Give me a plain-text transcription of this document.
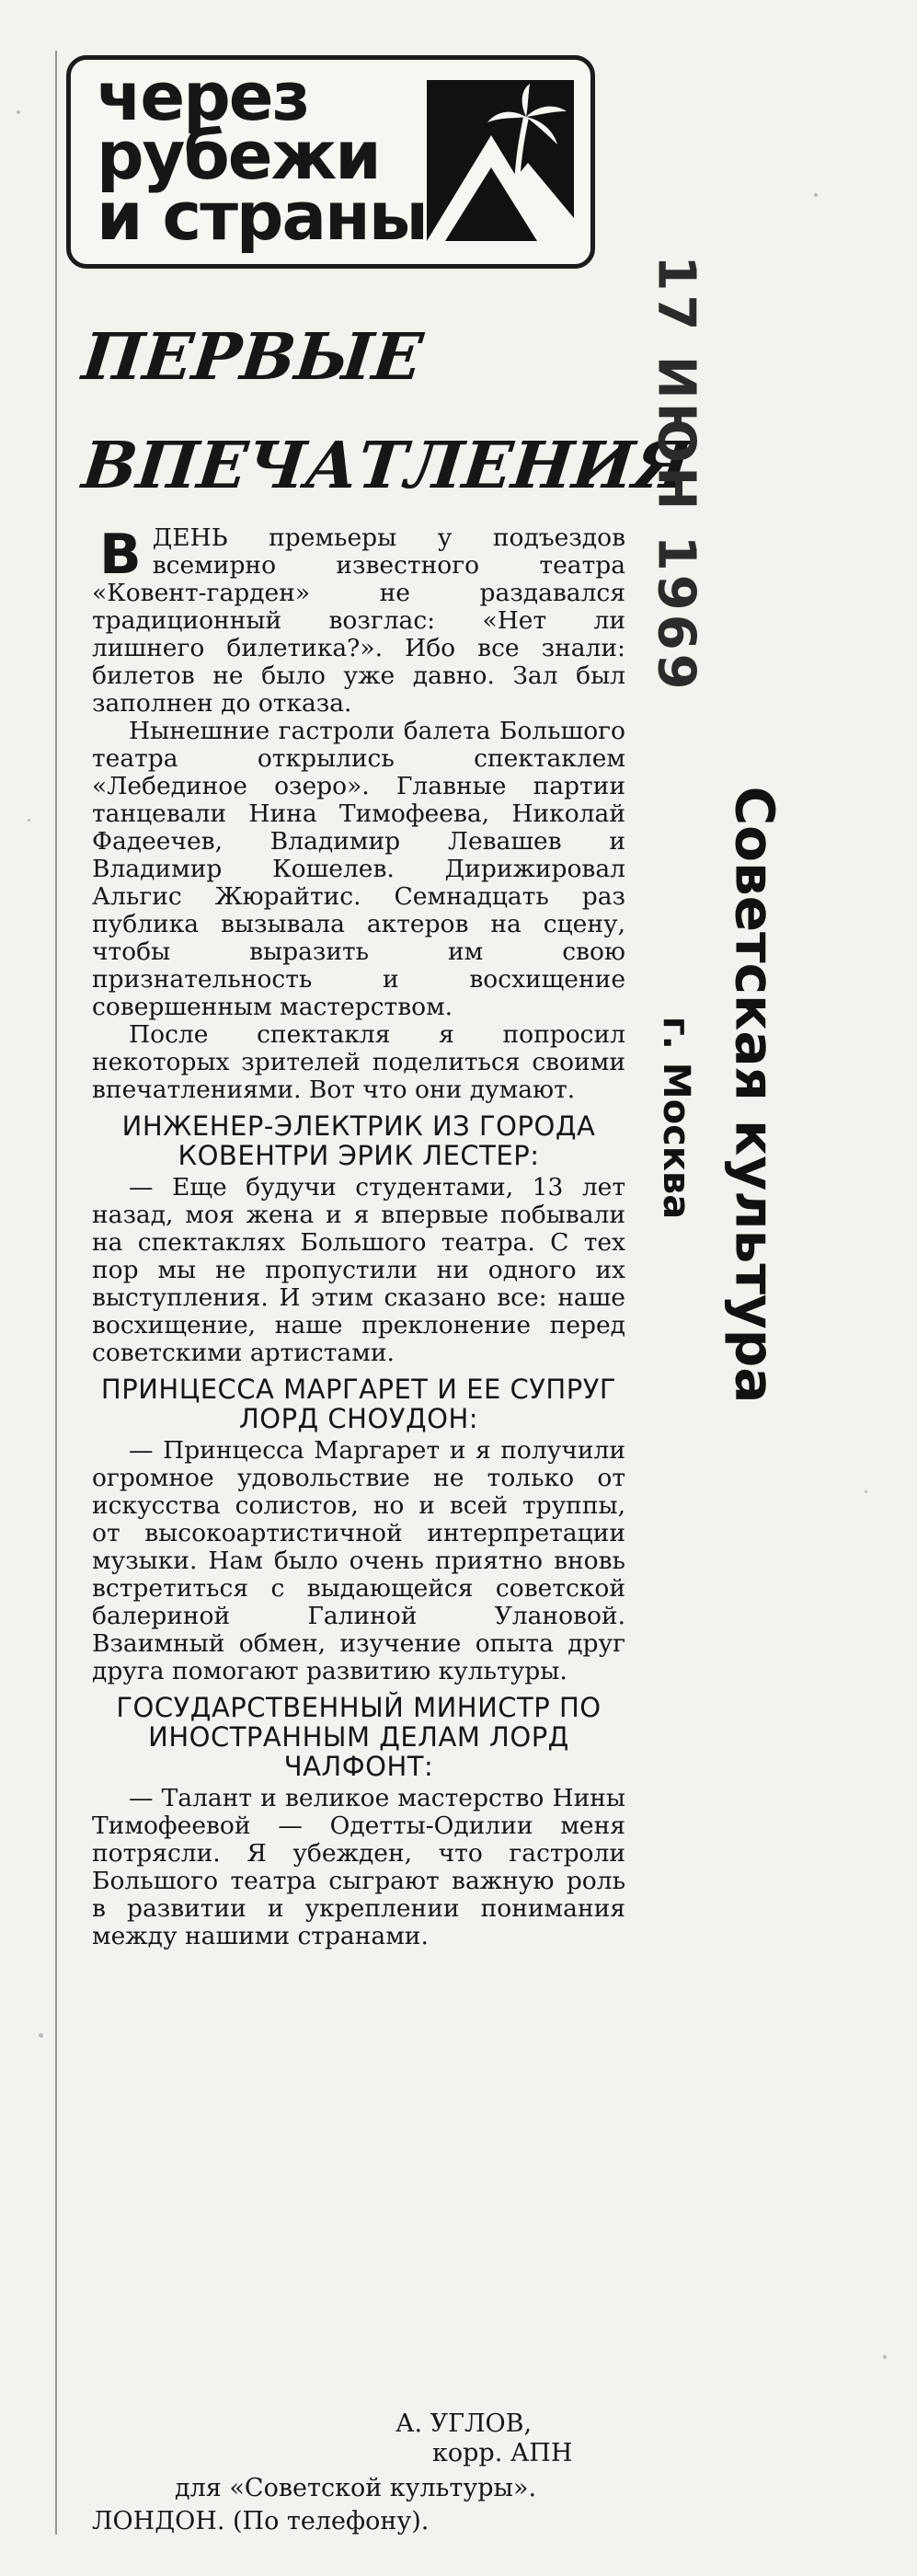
через
рубежи
и страны
ПЕРВЫЕ
ВПЕЧАТЛЕНИЯ
17 ИЮН 1969
Советская культура
г. Москва

ВДЕНЬ премьеры у подъездов всемирно известного театра «Ковент-гарден» не раздавался традиционный возглас: «Нет ли лишнего билетика?». Ибо все знали: билетов не было уже давно. Зал был заполнен до отказа.

Нынешние гастроли балета Большого театра открылись спектаклем «Лебединое озеро». Главные партии танцевали Нина Тимофеева, Николай Фадеечев, Владимир Левашев и Владимир Кошелев. Дирижировал Альгис Жюрайтис. Семнадцать раз публика вызывала актеров на сцену, чтобы выразить им свою признательность и восхищение совершенным мастерством.

После спектакля я попросил некоторых зрителей поделиться своими впечатлениями. Вот что они думают.

ИНЖЕНЕР-ЭЛЕКТРИК ИЗ ГОРОДА КОВЕНТРИ ЭРИК ЛЕСТЕР:

— Еще будучи студентами, 13 лет назад, моя жена и я впервые побывали на спектаклях Большого театра. С тех пор мы не пропустили ни одного их выступления. И этим сказано все: наше восхищение, наше преклонение перед советскими артистами.

ПРИНЦЕССА МАРГАРЕТ И ЕЕ СУПРУГ ЛОРД СНОУДОН:

— Принцесса Маргарет и я получили огромное удовольствие не только от искусства солистов, но и всей труппы, от высокоартистичной интерпретации музыки. Нам было очень приятно вновь встретиться с выдающейся советской балериной Галиной Улановой. Взаимный обмен, изучение опыта друг друга помогают развитию культуры.

ГОСУДАРСТВЕННЫЙ МИНИСТР ПО ИНОСТРАННЫМ ДЕЛАМ ЛОРД ЧАЛФОНТ:

— Талант и великое мастерство Нины Тимофеевой — Одетты-Одилии меня потрясли. Я убежден, что гастроли Большого театра сыграют важную роль в развитии и укреплении понимания между нашими странами.

А. УГЛОВ,
корр. АПН
для «Советской культуры».
ЛОНДОН. (По телефону).
